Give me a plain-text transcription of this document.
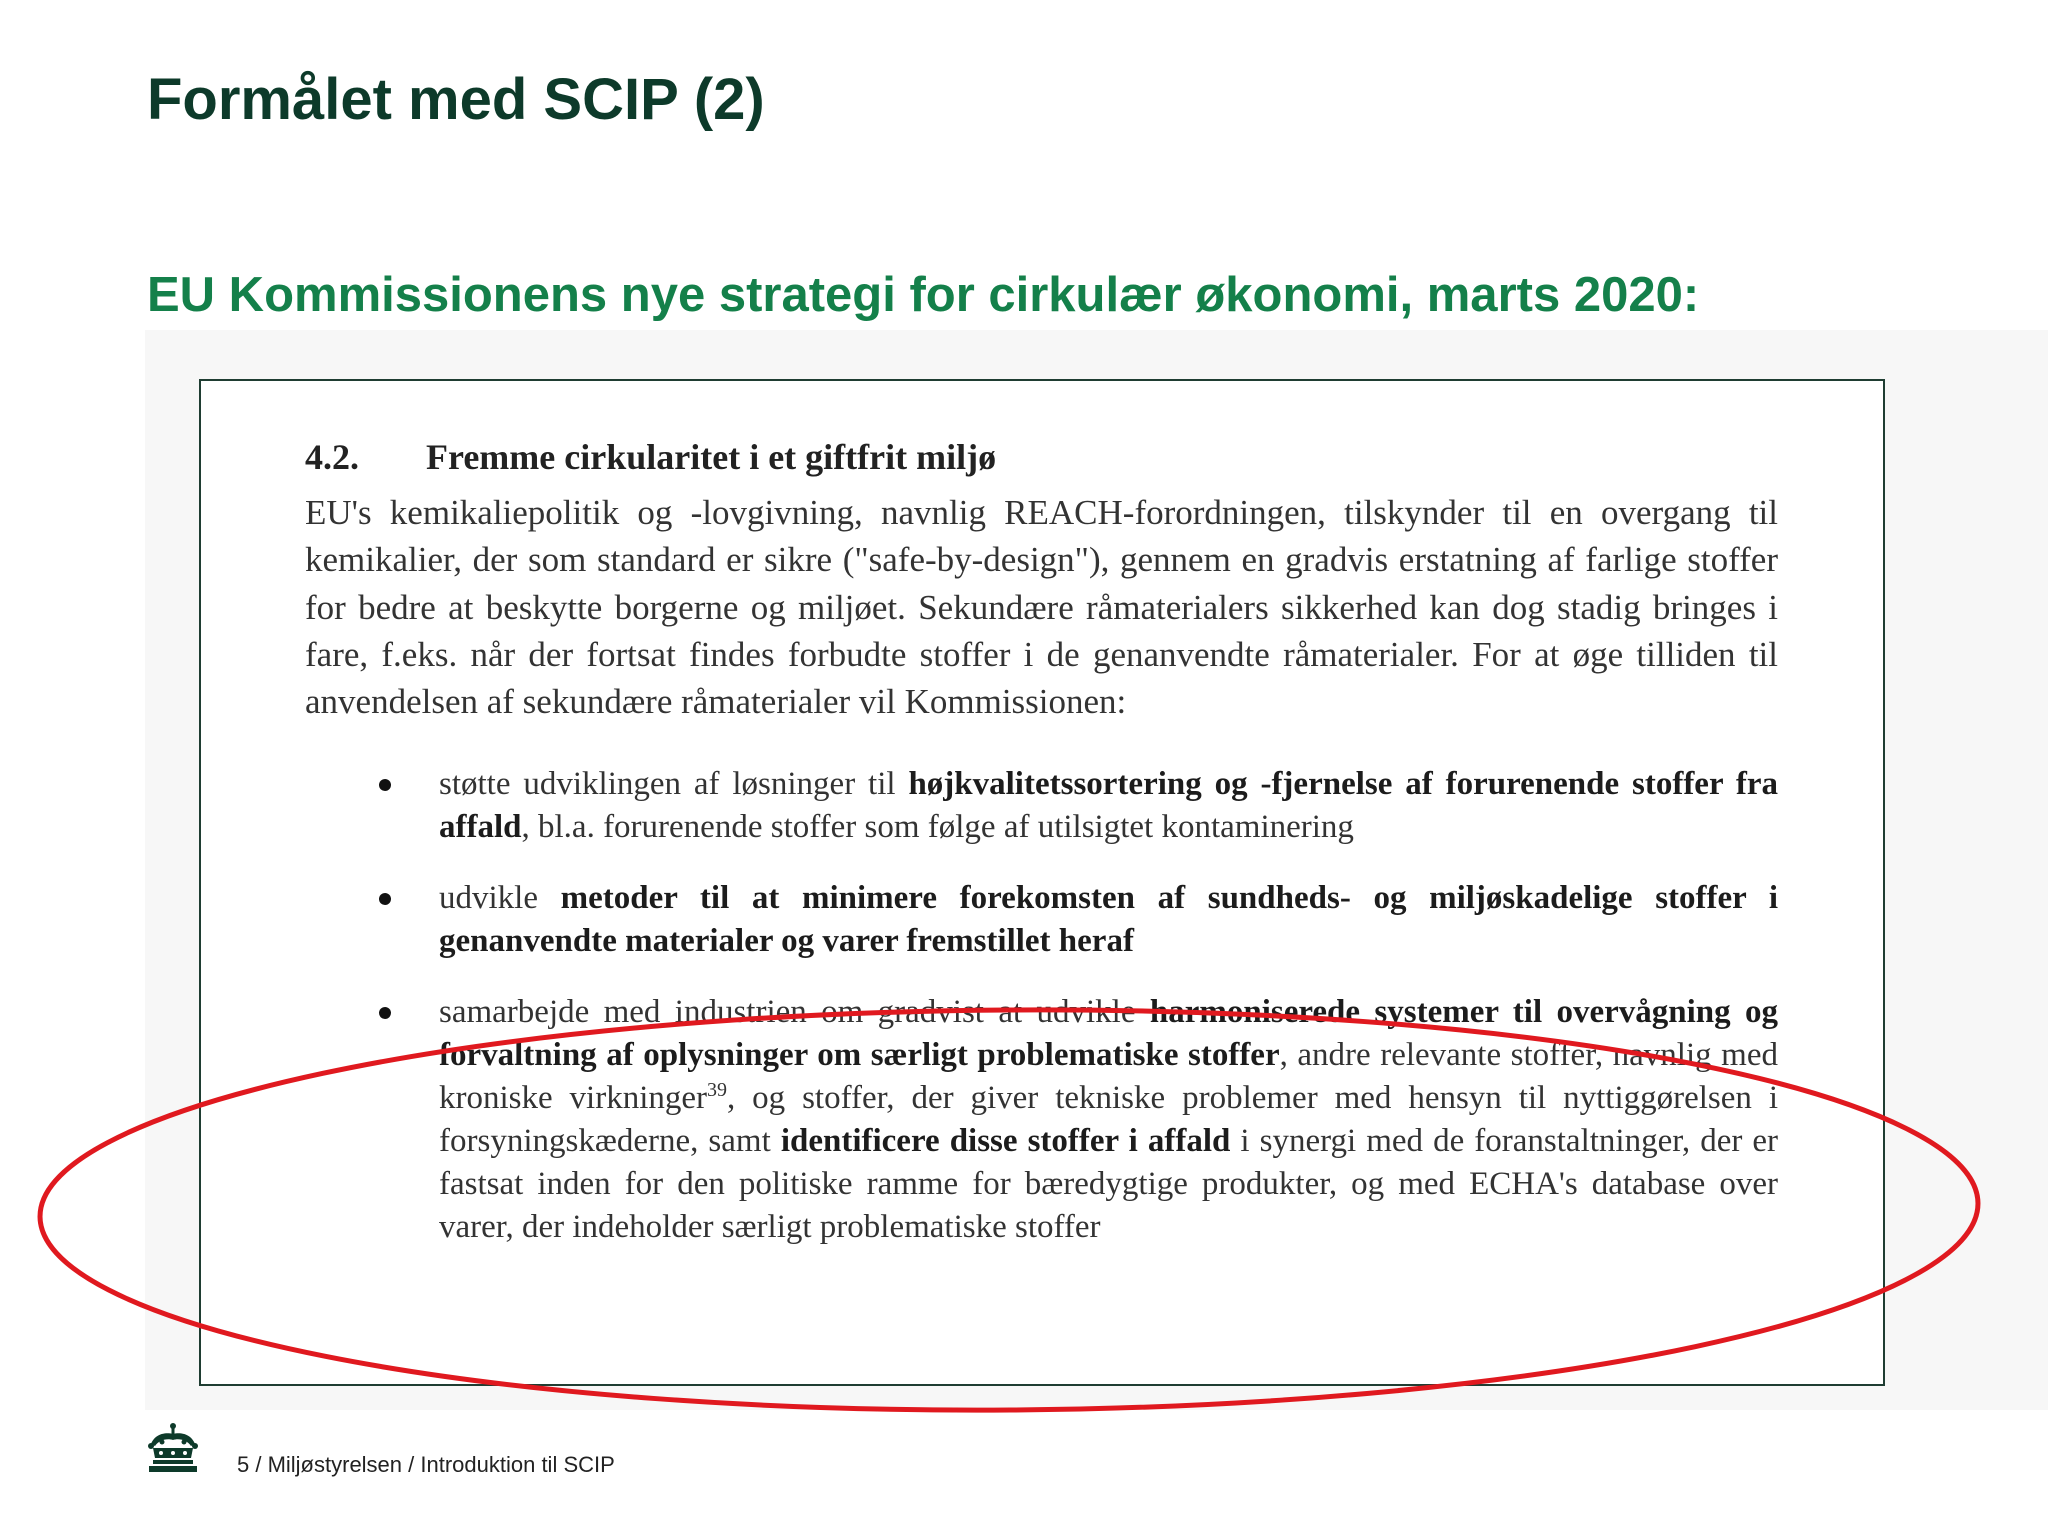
Formålet med SCIP (2)
EU Kommissionens nye strategi for cirkulær økonomi, marts 2020:
4.2.	Fremme cirkularitet i et giftfrit miljø

EU's kemikaliepolitik og -lovgivning, navnlig REACH-forordningen, tilskynder til en overgang til kemikalier, der som standard er sikre ("safe-by-design"), gennem en gradvis erstatning af farlige stoffer for bedre at beskytte borgerne og miljøet. Sekundære råmaterialers sikkerhed kan dog stadig bringes i fare, f.eks. når der fortsat findes forbudte stoffer i de genanvendte råmaterialer. For at øge tilliden til anvendelsen af sekundære råmaterialer vil Kommissionen:

støtte udviklingen af løsninger til højkvalitetssortering og -fjernelse af forurenende stoffer fra affald, bl.a. forurenende stoffer som følge af utilsigtet kontaminering
udvikle metoder til at minimere forekomsten af sundheds- og miljøskadelige stoffer i genanvendte materialer og varer fremstillet heraf
samarbejde med industrien om gradvist at udvikle harmoniserede systemer til overvågning og forvaltning af oplysninger om særligt problematiske stoffer, andre relevante stoffer, navnlig med kroniske virkninger$^{39}$, og stoffer, der giver tekniske problemer med hensyn til nyttiggørelsen i forsyningskæderne, samt identificere disse stoffer i affald i synergi med de foranstaltninger, der er fastsat inden for den politiske ramme for bæredygtige produkter, og med ECHA's database over varer, der indeholder særligt problematiske stoffer

5 / Miljøstyrelsen / Introduktion til SCIP
